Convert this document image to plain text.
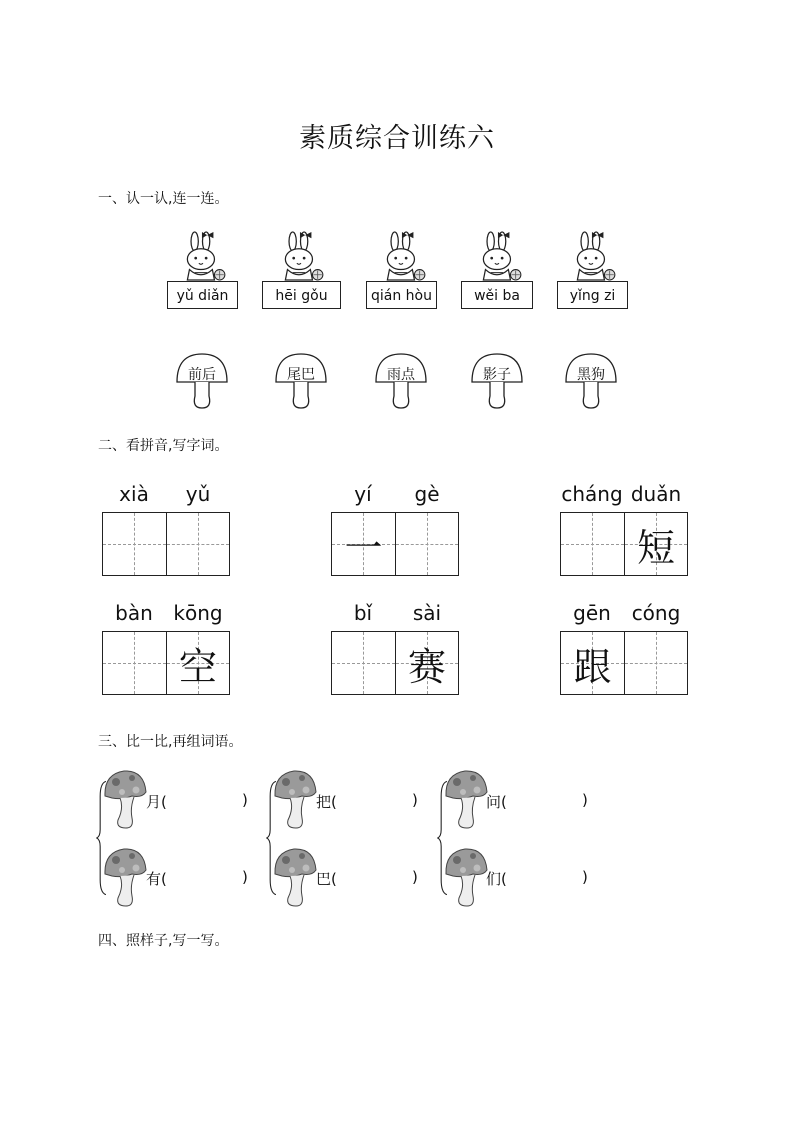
素质综合训练六
一、认一认,连一连。
yǔ diǎn	hēi gǒu	qián hòu	wěi ba	yǐng zi
前后	尾巴	雨点	影子	黑狗
二、看拼音,写字词。
xià	yǔ	yí	gè
一
cháng duǎn
短
bàn	kōng
空
bǐ	sài
赛
gēn	cóng
跟
三、比一比,再组词语。
月(	)
有(	)
把(	)
巴(	)
问(	)
们(	)
四、照样子,写一写。
